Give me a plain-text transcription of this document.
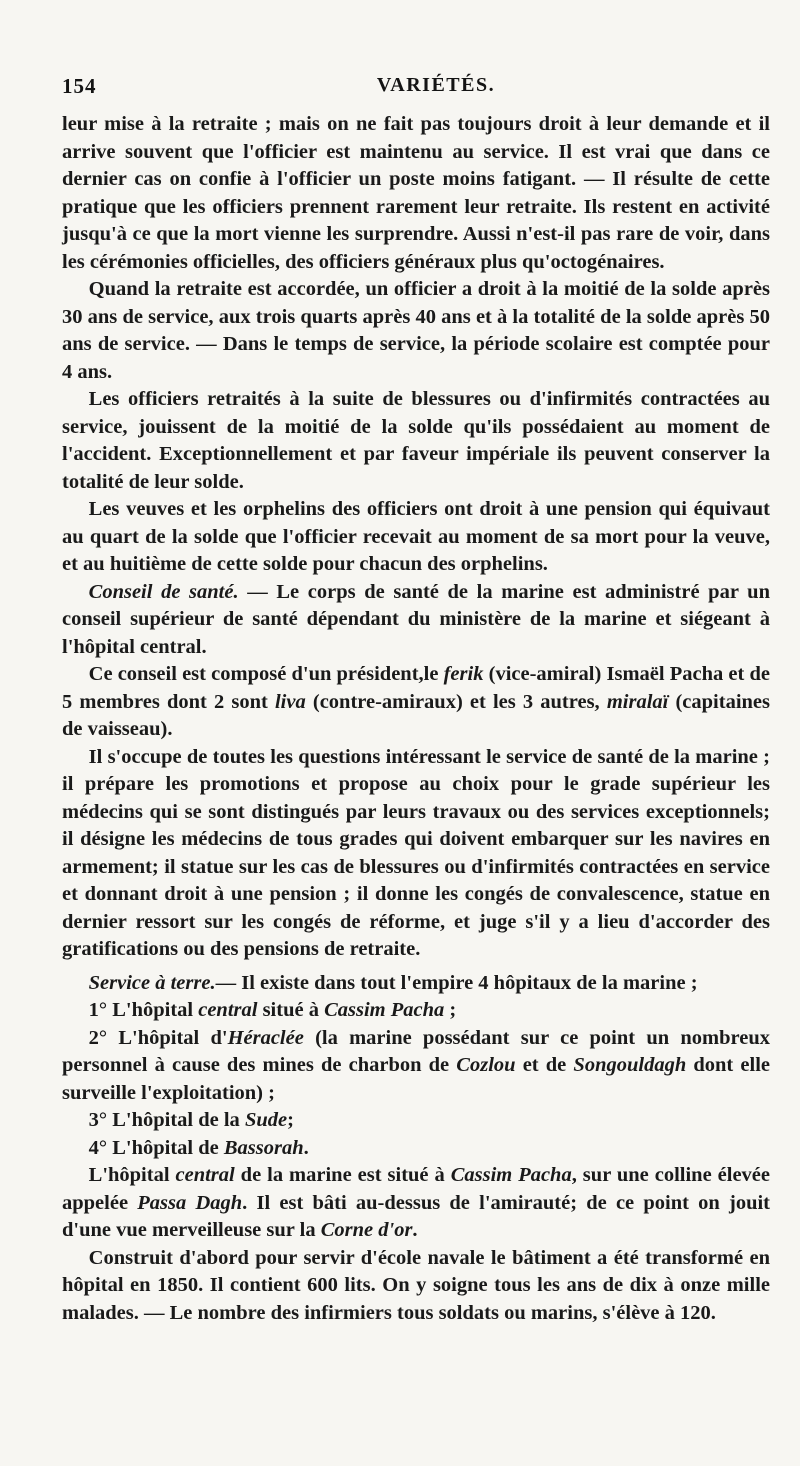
154	VARIÉTÉS.

leur mise à la retraite ; mais on ne fait pas toujours droit à leur demande et il arrive souvent que l'officier est maintenu au service. Il est vrai que dans ce dernier cas on confie à l'officier un poste moins fatigant. — Il résulte de cette pratique que les officiers prennent rarement leur retraite. Ils restent en activité jusqu'à ce que la mort vienne les surprendre. Aussi n'est-il pas rare de voir, dans les cérémonies officielles, des officiers généraux plus qu'octogénaires.

Quand la retraite est accordée, un officier a droit à la moitié de la solde après 30 ans de service, aux trois quarts après 40 ans et à la totalité de la solde après 50 ans de service. — Dans le temps de service, la période scolaire est comptée pour 4 ans.

Les officiers retraités à la suite de blessures ou d'infirmités contractées au service, jouissent de la moitié de la solde qu'ils possédaient au moment de l'accident. Exceptionnellement et par faveur impériale ils peuvent conserver la totalité de leur solde.

Les veuves et les orphelins des officiers ont droit à une pension qui équivaut au quart de la solde que l'officier recevait au moment de sa mort pour la veuve, et au huitième de cette solde pour chacun des orphelins.

Conseil de santé. — Le corps de santé de la marine est administré par un conseil supérieur de santé dépendant du ministère de la marine et siégeant à l'hôpital central.

Ce conseil est composé d'un président,le ferik (vice-amiral) Ismaël Pacha et de 5 membres dont 2 sont liva (contre-amiraux) et les 3 autres, miralaï (capitaines de vaisseau).

Il s'occupe de toutes les questions intéressant le service de santé de la marine ; il prépare les promotions et propose au choix pour le grade supérieur les médecins qui se sont distingués par leurs travaux ou des services exceptionnels; il désigne les médecins de tous grades qui doivent embarquer sur les navires en armement; il statue sur les cas de blessures ou d'infirmités contractées en service et donnant droit à une pension ; il donne les congés de convalescence, statue en dernier ressort sur les congés de réforme, et juge s'il y a lieu d'accorder des gratifications ou des pensions de retraite.

Service à terre.— Il existe dans tout l'empire 4 hôpitaux de la marine ;

1° L'hôpital central situé à Cassim Pacha ;

2° L'hôpital d'Héraclée (la marine possédant sur ce point un nombreux personnel à cause des mines de charbon de Cozlou et de Songouldagh dont elle surveille l'exploitation) ;

3° L'hôpital de la Sude;

4° L'hôpital de Bassorah.

L'hôpital central de la marine est situé à Cassim Pacha, sur une colline élevée appelée Passa Dagh. Il est bâti au-dessus de l'amirauté; de ce point on jouit d'une vue merveilleuse sur la Corne d'or.

Construit d'abord pour servir d'école navale le bâtiment a été transformé en hôpital en 1850. Il contient 600 lits. On y soigne tous les ans de dix à onze mille malades. — Le nombre des infirmiers tous soldats ou marins, s'élève à 120.
